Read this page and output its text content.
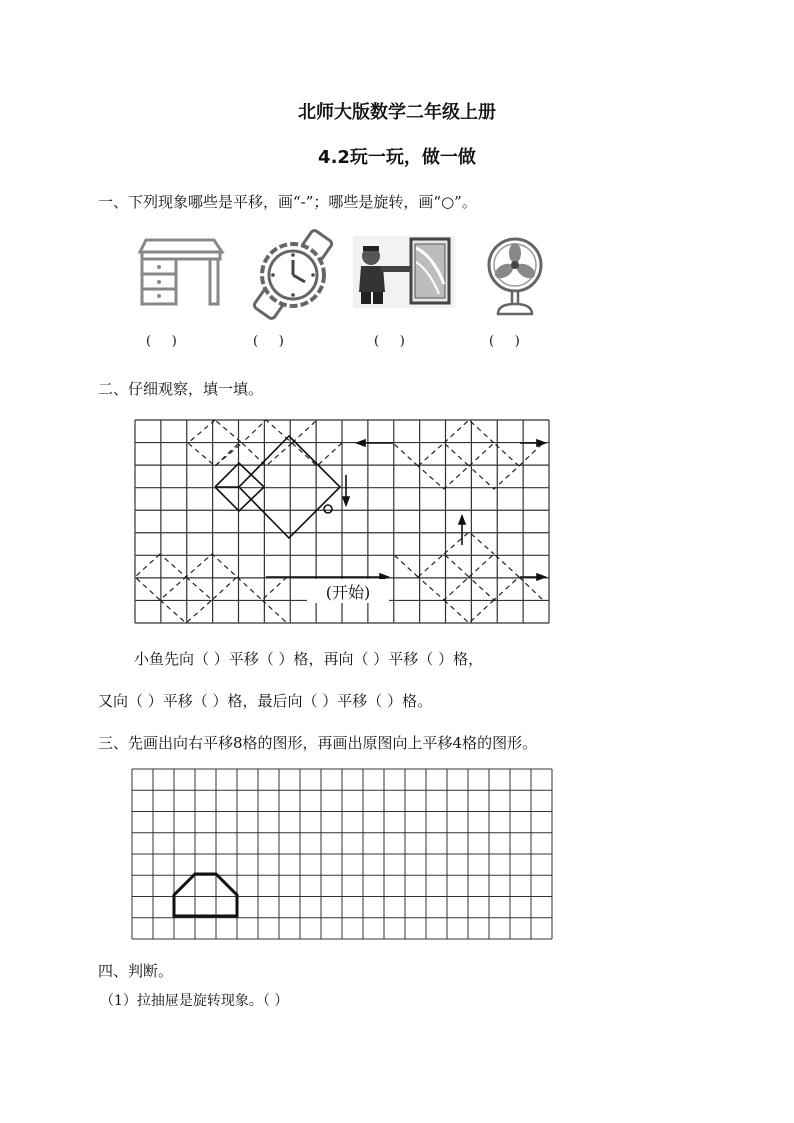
北师大版数学二年级上册
4.2玩一玩，做一做
一、下列现象哪些是平移，画“-”；哪些是旋转，画“○”。
(     )	(     )	(     )	(     )
二、仔细观察，填一填。
(开始)
小鱼先向（ ）平移（ ）格，再向（ ）平移（ ）格，
又向（ ）平移（ ）格，最后向（ ）平移（ ）格。
三、先画出向右平移8格的图形，再画出原图向上平移4格的图形。
四、判断。
（1）拉抽屉是旋转现象。（ ）
